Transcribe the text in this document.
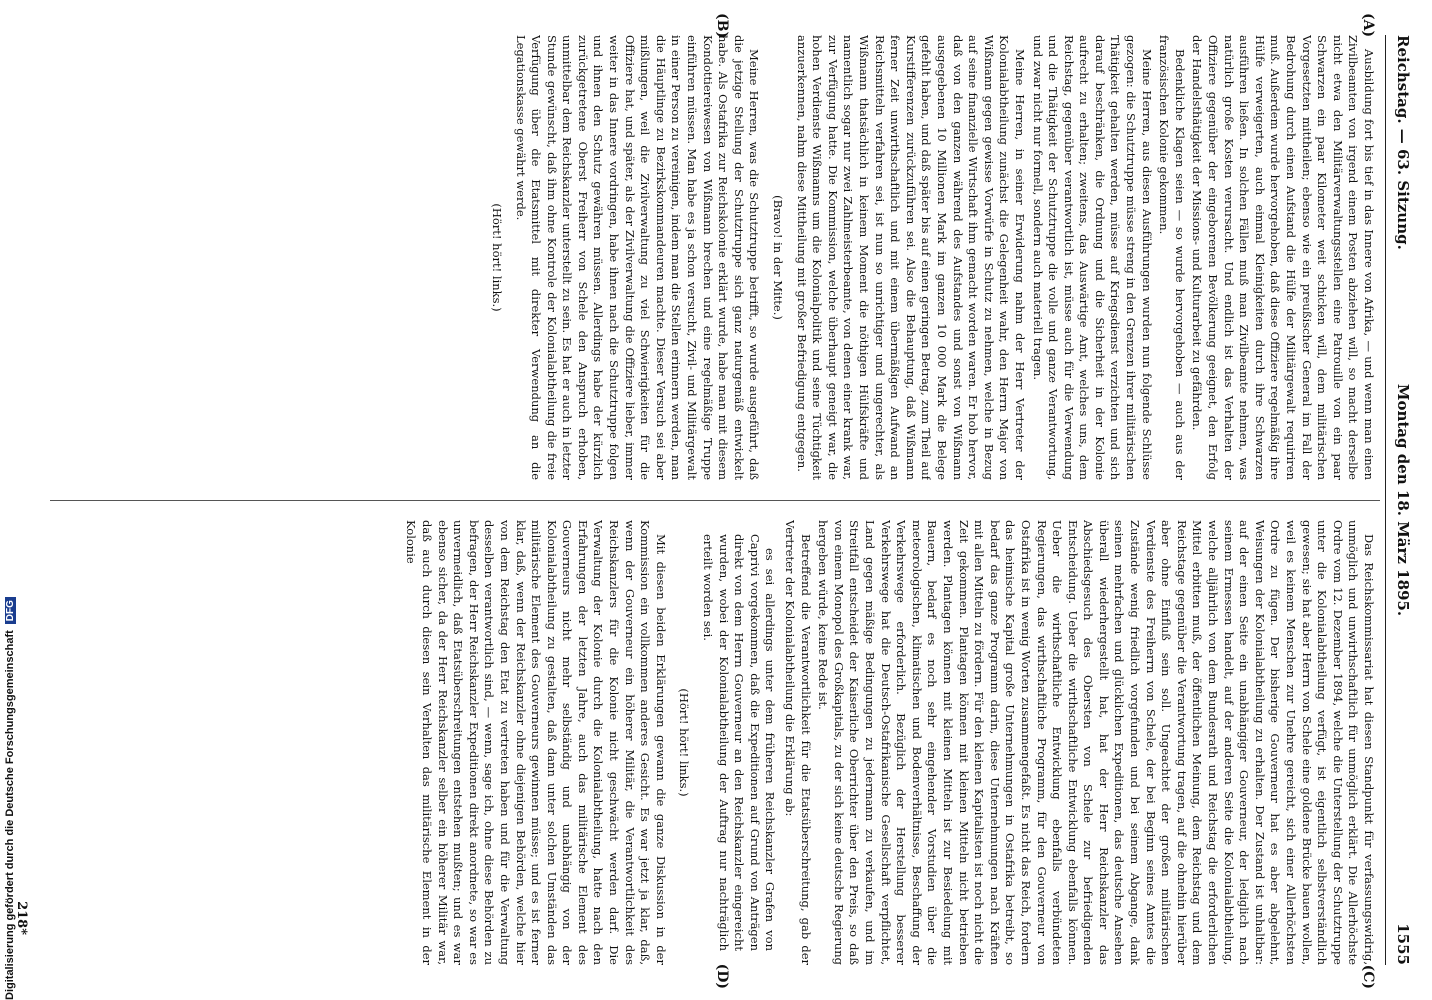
Digitalisierung gefördert durch die Deutsche ForschungsgemeinschaftDFG
Reichstag. — 63. Sitzung.
Montag den 18. März 1895.
1555
(A)
(B)
(C)
(D)

Ausbildung fort bis tief in das Innere von Afrika, — und wenn man einen Zivilbeamten von irgend einem Posten abziehen will, so macht derselbe nicht etwa den Militärverwaltungsstellen eine Patrouille von ein paar Schwarzen ein paar Kilometer weit schicken will, dem militärischen Vorgesetzten mittheilen; ebenso wie ein preußischer General im Fall der Bedrohung durch einen Aufstand die Hülfe der Militärgewalt requiriren muß. Außerdem wurde hervorgehoben, daß diese Offiziere regelmäßig ihre Hülfe verweigerten, auch einmal Kleinigkeiten durch ihre Schwarzen ausführen ließen. In solchen Fällen muß man Zivilbeamte nehmen, was natürlich große Kosten verursacht. Und endlich ist das Verhalten der Offiziere gegenüber der eingeborenen Bevölkerung geeignet, den Erfolg der Handelsthätigkeit der Missions- und Kulturarbeit zu gefährden.

Bedenkliche Klagen seien — so wurde hervorgehoben — auch aus der französischen Kolonie gekommen.

Meine Herren, aus diesen Ausführungen wurden nun folgende Schlüsse gezogen: die Schutztruppe müsse streng in den Grenzen ihrer militärischen Thätigkeit gehalten werden, müsse auf Kriegsdienst verzichten und sich darauf beschränken, die Ordnung und die Sicherheit in der Kolonie aufrecht zu erhalten; zweitens, das Auswärtige Amt, welches uns, dem Reichstag, gegenüber verantwortlich ist, müsse auch für die Verwendung und die Thätigkeit der Schutztruppe die volle und ganze Verantwortung, und zwar nicht nur formell, sondern auch materiell tragen.

Meine Herren, in seiner Erwiderung nahm der Herr Vertreter der Kolonialabtheilung zunächst die Gelegenheit wahr, den Herrn Major von Wißmann gegen gewisse Vorwürfe in Schutz zu nehmen, welche in Bezug auf seine finanzielle Wirtschaft ihm gemacht worden waren. Er hob hervor, daß von den ganzen während des Aufstandes und sonst von Wißmann ausgegebenen 10 Millionen Mark im ganzen 10 000 Mark die Belege gefehlt haben, und daß später bis auf einen geringen Betrag, zum Theil auf Kurstifferenzen zurückzuführen sei. Also die Behauptung, daß Wißmann ferner Zeit unwirthschaftlich und mit einem übermäßigen Aufwand an Reichsmitteln verfahren sei, ist nun so unrichtiger und ungerechter, als Wißmann thatsächlich in keinem Moment die nöthigen Hülfskräfte und namentlich sogar nur zwei Zahlmeisterbeamte, von denen einer krank war, zur Verfügung hatte. Die Kommission, welche überhaupt geneigt war, die hohen Verdienste Wißmanns um die Kolonialpolitik und seine Tüchtigkeit anzuerkennen, nahm diese Mittheilung mit großer Befriedigung entgegen.

(Bravo! in der Mitte.)

Meine Herren, was die Schutztruppe betrifft, so wurde ausgeführt, daß die jetzige Stellung der Schutztruppe sich ganz naturgemäß entwickelt habe. Als Ostafrika zur Reichskolonie erklärt wurde, habe man mit diesem Kondottiereiwesen von Wißmann brechen und eine regelmäßige Truppe einführen müssen. Man habe es ja schon versucht, Zivil- und Militärgewalt in einer Person zu vereinigen, indem man die Stellen erinnern werden, man die Häuptlinge zu Bezirkskommandeuren machte. Dieser Versuch sei aber mißlungen, weil die Zivilverwaltung zu viel Schwierigkeiten für die Offiziere hat, und später, als der Zivilverwaltung die Offiziere lieber, immer weiter in das Innere vordringen, habe ihnen nach die Schutztruppe folgen und ihnen den Schutz gewähren müssen. Allerdings habe der kürzlich zurückgetretene Oberst Freiherr von Schele den Anspruch erhoben, unmittelbar dem Reichskanzler unterstellt zu sein. Es hat er auch in letzter Stunde gewünscht, daß ihm ohne Kontrole der Kolonialabtheilung die freie Verfügung über die Etatsmittel mit direkter Verwendung an die Legationskasse gewährt werde.

(Hört! hört! links.)

Das Reichskommissariat hat diesen Standpunkt für verfassungswidrig, unmöglich und unwirthschaftlich für unmöglich erklärt. Die Allerhöchste Ordre vom 12. Dezember 1894, welche die Unterstellung der Schutztruppe unter die Kolonialabtheilung verfügt, ist eigentlich selbstverständlich gewesen; sie hat aber Herrn von Schele eine goldene Brücke bauen wollen, weil es keinem Menschen zur Unehre gereicht, sich einer Allerhöchsten Ordre zu fügen. Der bisherige Gouverneur hat es aber abgelehnt, Weisungen der Kolonialabtheilung zu erhalten. Der Zustand ist unhaltbar: auf der einen Seite ein unabhängiger Gouverneur, der lediglich nach seinem Ermessen handelt, auf der anderen Seite die Kolonialabtheilung, welche alljährlich von dem Bundesrath und Reichstag die erforderlichen Mittel erbitten muß, der öffentlichen Meinung, dem Reichstag und dem Reichstage gegenüber die Verantwortung tragen, auf die ohnehin hierüber aber ohne Einfluß sein soll. Ungeachtet der großen militärischen Verdienste des Freiherrn von Schele, der bei Beginn seines Amtes die Zustände wenig friedlich vorgefunden und bei seinem Abgange, dank seinen mehrfachen und glücklichen Expeditionen, das deutsche Ansehen überall wiederhergestellt hat, hat der Herr Reichskanzler das Abschiedsgesuch des Obersten von Schele zur befriedigenden Entscheidung. Ueber die wirthschaftliche Entwicklung ebenfalls können. Ueber die wirthschaftliche Entwicklung ebenfalls verbündeten Regierungen, das wirthschaftliche Programm, für den Gouverneur von Ostafrika ist in wenig Worten zusammengefaßt. Es nicht das Reich, fordern das heimische Kapital große Unternehmungen in Ostafrika betreibt, so bedarf das ganze Programm darin, diese Unternehmungen nach Kräften mit allen Mitteln zu fördern. Für den kleinen Kapitalisten ist noch nicht die Zeit gekommen. Plantagen können mit kleinen Mitteln nicht betrieben werden. Plantagen können mit kleinen Mitteln ist zur Besiedelung mit Bauern, bedarf es noch sehr eingehender Vorstudien über die meteorologischen, klimatischen und Bodenverhältnisse, Beschaffung der Verkehrswege erforderlich. Bezüglich der Herstellung besserer Verkehrswege hat die Deutsch-Ostafrikanische Gesellschaft verpflichtet, Land gegen mäßige Bedingungen zu jedermann zu verkaufen, und im Streitfall entscheidet der Kaiserliche Oberrichter über den Preis, so daß von einem Monopol des Großkapitals, zu der sich keine deutsche Regierung hergeben würde, keine Rede ist.

Betreffend die Verantwortlichkeit für die Etatsüberschreitung, gab der Vertreter der Kolonialabtheilung die Erklärung ab:

es sei allerdings unter dem früheren Reichskanzler Grafen von Caprivi vorgekommen, daß die Expeditionen auf Grund von Anträgen direkt von dem Herrn Gouverneur an den Reichskanzler eingereicht wurden, wobei der Kolonialabtheilung der Auftrag nur nachträglich erteilt worden sei.

(Hört! hört! links.)

Mit diesen beiden Erklärungen gewann die ganze Diskussion in der Kommission ein vollkommen anderes Gesicht. Es war jetzt ja klar, daß, wenn der Gouverneur ein höherer Militär, die Verantwortlichkeit des Reichskanzlers für die Kolonie nicht geschwächt werden darf. Die Verwaltung der Kolonie durch die Kolonialabtheilung, hatte nach den Erfahrungen der letzten Jahre, auch das militärische Element des Gouverneurs nicht mehr selbständig und unabhängig von der Kolonialabtheilung zu gestalten, daß dann unter solchen Umständen das militärische Element des Gouverneurs gewinnen müsse; und es ist ferner klar, daß, wenn der Reichskanzler ohne diejenigen Behörden, welche hier von dem Reichstag den Etat zu vertreten haben und für die Verwaltung desselben verantwortlich sind, — wenn, sage ich, ohne diese Behörden zu befragen, der Herr Reichskanzler Expeditionen direkt anordnete, so war es unvermeidlich, daß Etatsüberschreitungen entstehen mußten; und es war ebenso sicher, da der Herr Reichskanzler selber ein höherer Militär war, daß auch durch diesen sein Verhalten das militärische Element in der Kolonie

218*
